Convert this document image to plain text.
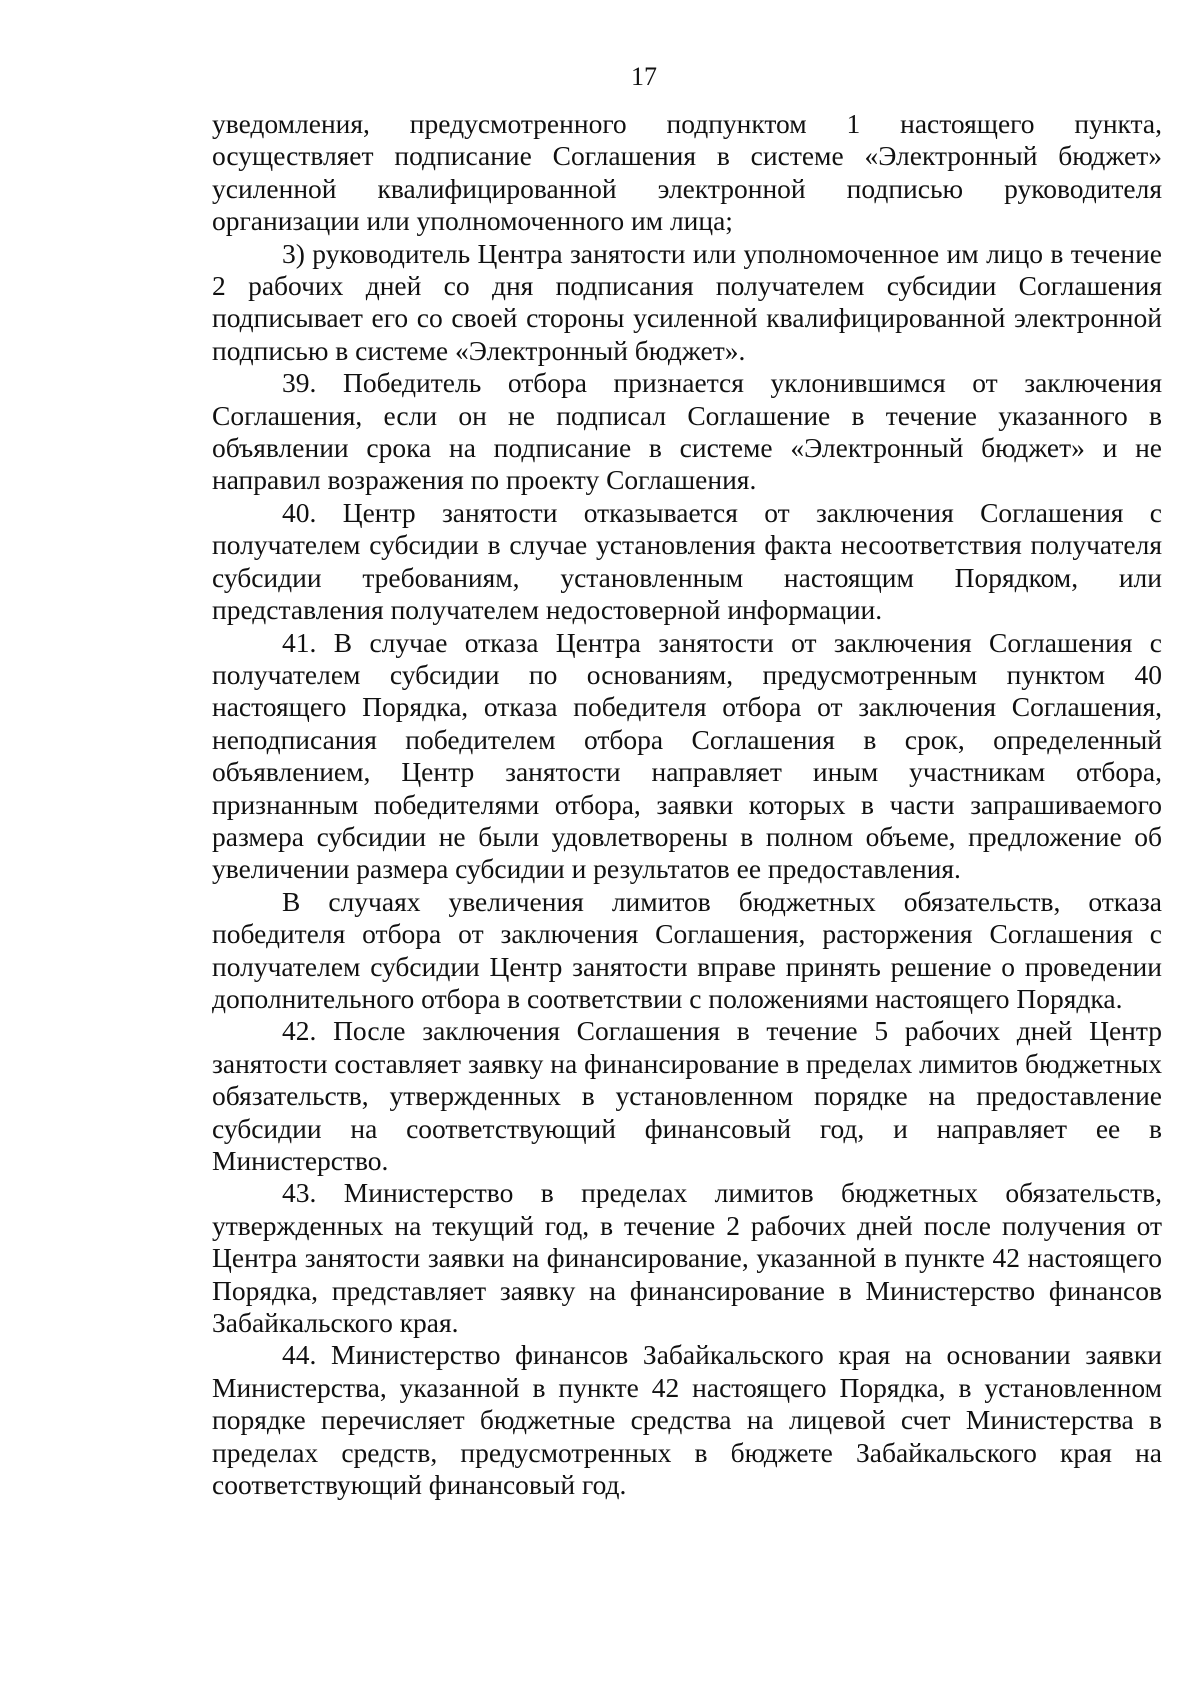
17

уведомления, предусмотренного подпунктом 1 настоящего пункта, осуществляет подписание Соглашения в системе «Электронный бюджет» усиленной квалифицированной электронной подписью руководителя организации или уполномоченного им лица;

3) руководитель Центра занятости или уполномоченное им лицо в течение 2 рабочих дней со дня подписания получателем субсидии Соглашения подписывает его со своей стороны усиленной квалифицированной электронной подписью в системе «Электронный бюджет».

39. Победитель отбора признается уклонившимся от заключения Соглашения, если он не подписал Соглашение в течение указанного в объявлении срока на подписание в системе «Электронный бюджет» и не направил возражения по проекту Соглашения.

40. Центр занятости отказывается от заключения Соглашения с получателем субсидии в случае установления факта несоответствия получателя субсидии требованиям, установленным настоящим Порядком, или представления получателем недостоверной информации.

41. В случае отказа Центра занятости от заключения Соглашения с получателем субсидии по основаниям, предусмотренным пунктом 40 настоящего Порядка, отказа победителя отбора от заключения Соглашения, неподписания победителем отбора Соглашения в срок, определенный объявлением, Центр занятости направляет иным участникам отбора, признанным победителями отбора, заявки которых в части запрашиваемого размера субсидии не были удовлетворены в полном объеме, предложение об увеличении размера субсидии и результатов ее предоставления.

В случаях увеличения лимитов бюджетных обязательств, отказа победителя отбора от заключения Соглашения, расторжения Соглашения с получателем субсидии Центр занятости вправе принять решение о проведении дополнительного отбора в соответствии с положениями настоящего Порядка.

42. После заключения Соглашения в течение 5 рабочих дней Центр занятости составляет заявку на финансирование в пределах лимитов бюджетных обязательств, утвержденных в установленном порядке на предоставление субсидии на соответствующий финансовый год, и направляет ее в Министерство.

43. Министерство в пределах лимитов бюджетных обязательств, утвержденных на текущий год, в течение 2 рабочих дней после получения от Центра занятости заявки на финансирование, указанной в пункте 42 настоящего Порядка, представляет заявку на финансирование в Министерство финансов Забайкальского края.

44. Министерство финансов Забайкальского края на основании заявки Министерства, указанной в пункте 42 настоящего Порядка, в установленном порядке перечисляет бюджетные средства на лицевой счет Министерства в пределах средств, предусмотренных в бюджете Забайкальского края на соответствующий финансовый год.
